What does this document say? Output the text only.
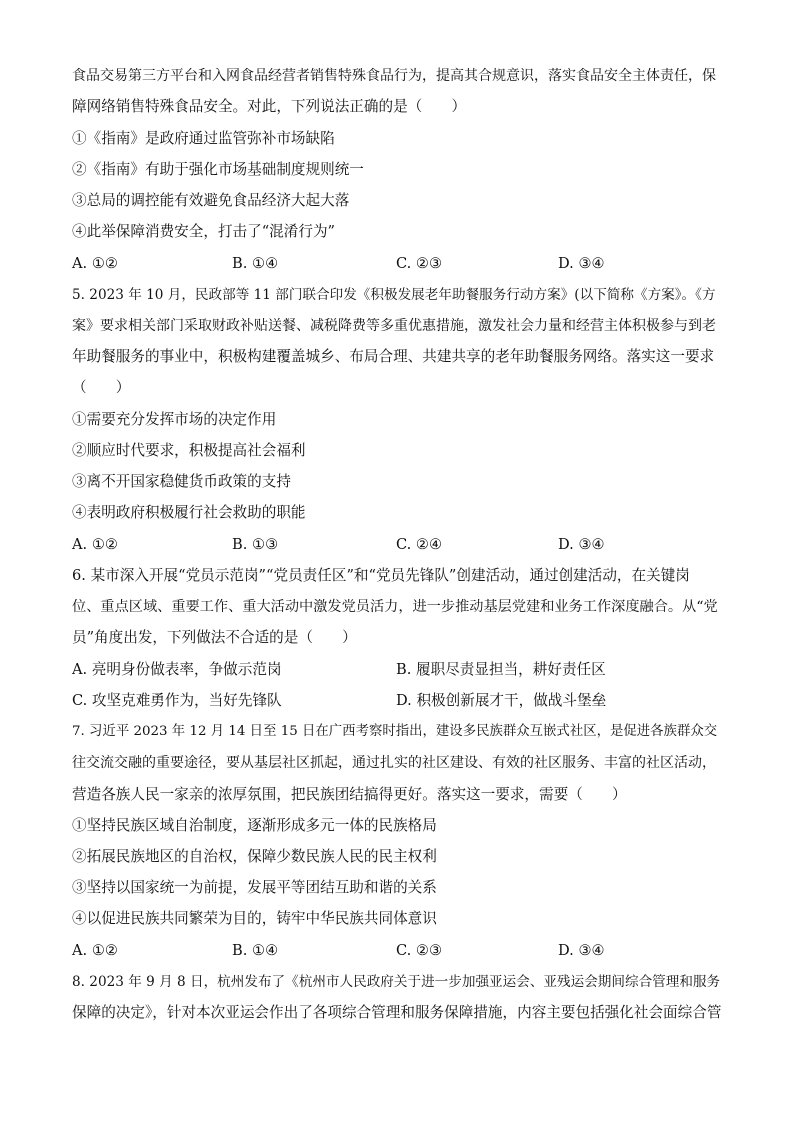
食品交易第三方平台和入网食品经营者销售特殊食品行为，提高其合规意识，落实食品安全主体责任，保
障网络销售特殊食品安全。对此，下列说法正确的是（　　）
①《指南》是政府通过监管弥补市场缺陷
②《指南》有助于强化市场基础制度规则统一
③总局的调控能有效避免食品经济大起大落
④此举保障消费安全，打击了“混淆行为”
A. ①②	B. ①④	C. ②③	D. ③④
5. 2023 年 10 月，民政部等 11 部门联合印发《积极发展老年助餐服务行动方案》(以下简称《方案》。《方
案》要求相关部门采取财政补贴送餐、减税降费等多重优惠措施，激发社会力量和经营主体积极参与到老
年助餐服务的事业中，积极构建覆盖城乡、布局合理、共建共享的老年助餐服务网络。落实这一要求
（　　）
①需要充分发挥市场的决定作用
②顺应时代要求，积极提高社会福利
③离不开国家稳健货币政策的支持
④表明政府积极履行社会救助的职能
A. ①②	B. ①③	C. ②④	D. ③④
6. 某市深入开展“党员示范岗”“党员责任区”和“党员先锋队”创建活动，通过创建活动，在关键岗
位、重点区域、重要工作、重大活动中激发党员活力，进一步推动基层党建和业务工作深度融合。从“党
员”角度出发，下列做法不合适的是（　　）
A. 亮明身份做表率，争做示范岗	B. 履职尽责显担当，耕好责任区
C. 攻坚克难勇作为，当好先锋队	D. 积极创新展才干，做战斗堡垒
7. 习近平 2023 年 12 月 14 日至 15 日在广西考察时指出，建设多民族群众互嵌式社区，是促进各族群众交
往交流交融的重要途径，要从基层社区抓起，通过扎实的社区建设、有效的社区服务、丰富的社区活动，
营造各族人民一家亲的浓厚氛围，把民族团结搞得更好。落实这一要求，需要（　　）
①坚持民族区域自治制度，逐渐形成多元一体的民族格局
②拓展民族地区的自治权，保障少数民族人民的民主权利
③坚持以国家统一为前提，发展平等团结互助和谐的关系
④以促进民族共同繁荣为目的，铸牢中华民族共同体意识
A. ①②	B. ①④	C. ②③	D. ③④
8. 2023 年 9 月 8 日，杭州发布了《杭州市人民政府关于进一步加强亚运会、亚残运会期间综合管理和服务
保障的决定》，针对本次亚运会作出了各项综合管理和服务保障措施，内容主要包括强化社会面综合管
